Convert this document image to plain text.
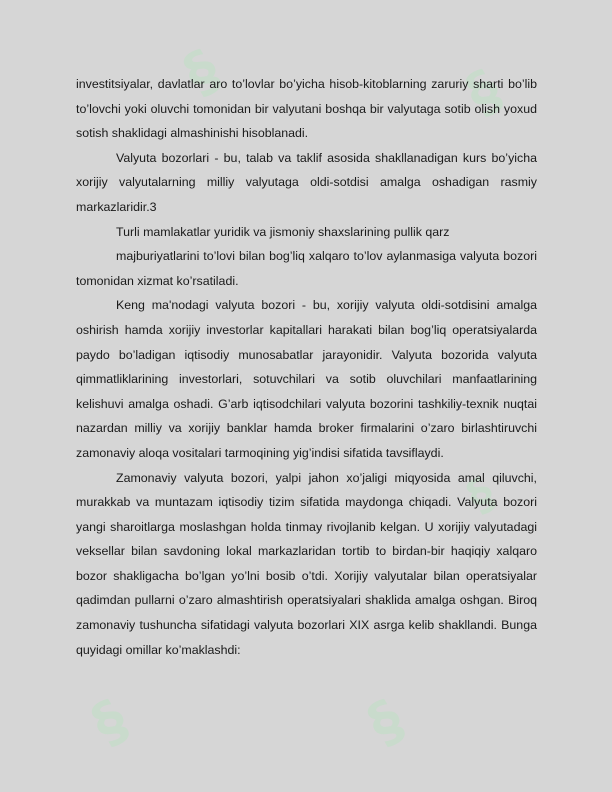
§	§
§	§
§

investitsiyalar, davlatlar aro to’lovlar bo’yicha hisob-kitoblarning zaruriy sharti bo’lib to’lovchi yoki oluvchi tomonidan bir valyutani boshqa bir valyutaga sotib olish yoxud sotish shaklidagi almashinishi hisoblanadi.

Valyuta bozorlari - bu, talab va taklif asosida shakllanadigan kurs bo’yicha xorijiy valyutalarning milliy valyutaga oldi-sotdisi amalga oshadigan rasmiy markazlaridir.3

Turli mamlakatlar yuridik va jismoniy shaxslarining pullik qarz

majburiyatlarini to’lovi bilan bog’liq xalqaro to’lov aylanmasiga valyuta bozori tomonidan xizmat ko’rsatiladi.

Keng ma'nodagi valyuta bozori - bu, xorijiy valyuta oldi-sotdisini amalga oshirish hamda xorijiy investorlar kapitallari harakati bilan bog’liq operatsiyalarda paydo bo’ladigan iqtisodiy munosabatlar jarayonidir. Valyuta bozorida valyuta qimmatliklarining investorlari, sotuvchilari va sotib oluvchilari manfaatlarining kelishuvi amalga oshadi. G’arb iqtisodchilari valyuta bozorini tashkiliy-texnik nuqtai nazardan milliy va xorijiy banklar hamda broker firmalarini o’zaro birlashtiruvchi zamonaviy aloqa vositalari tarmoqining yig’indisi sifatida tavsiflaydi.

Zamonaviy valyuta bozori, yalpi jahon xo’jaligi miqyosida amal qiluvchi, murakkab va muntazam iqtisodiy tizim sifatida maydonga chiqadi. Valyuta bozori yangi sharoitlarga moslashgan holda tinmay rivojlanib kelgan. U xorijiy valyutadagi veksellar bilan savdoning lokal markazlaridan tortib to birdan-bir haqiqiy xalqaro bozor shakligacha bo’lgan yo’lni bosib o’tdi. Xorijiy valyutalar bilan operatsiyalar qadimdan pullarni o’zaro almashtirish operatsiyalari shaklida amalga oshgan. Biroq zamonaviy tushuncha sifatidagi valyuta bozorlari XIX asrga kelib shakllandi. Bunga quyidagi omillar ko’maklashdi:
